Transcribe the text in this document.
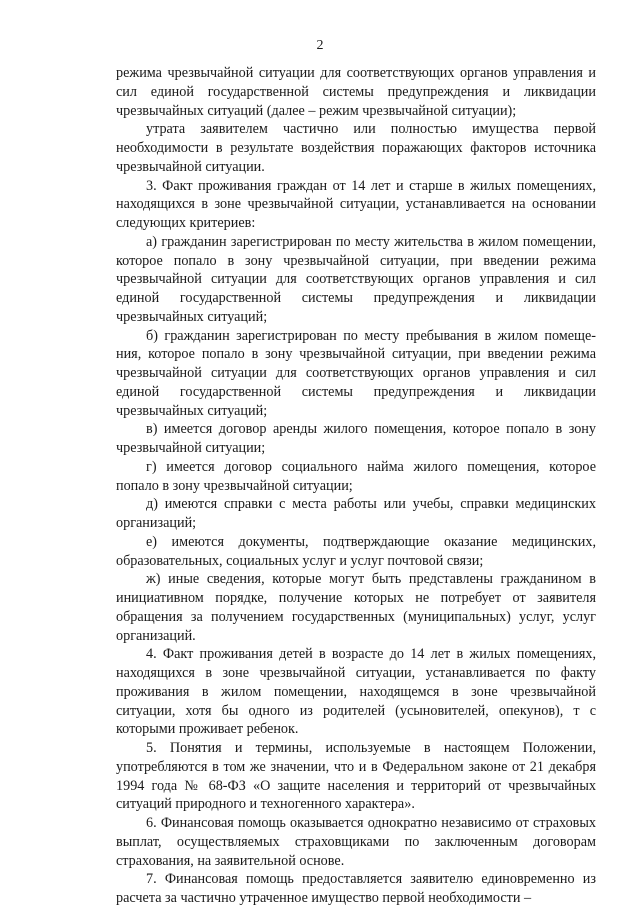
2

режима чрезвычайной ситуации для соответствующих органов управления и сил единой государственной системы предупреждения и ликвидации чрезвычайных ситуаций (далее – режим чрезвычайной ситуации);

утрата заявителем частично или полностью имущества первой необходимости в результате воздействия поражающих факторов источника чрезвычайной ситуации.

3. Факт проживания граждан от 14 лет и старше в жилых помещениях, находящихся в зоне чрезвычайной ситуации, устанавливается на основании следующих критериев:

а) гражданин зарегистрирован по месту жительства в жилом помещении, которое попало в зону чрезвычайной ситуации, при введении режима чрезвычайной ситуации для соответствующих органов управления и сил единой государственной системы предупреждения и ликвидации чрезвычайных ситуаций;

б) гражданин зарегистрирован по месту пребывания в жилом помеще-ния, которое попало в зону чрезвычайной ситуации, при введении режима чрезвычайной ситуации для соответствующих органов управления и сил единой государственной системы предупреждения и ликвидации чрезвычайных ситуаций;

в) имеется договор аренды жилого помещения, которое попало в зону чрезвычайной ситуации;

г) имеется договор социального найма жилого помещения, которое попало в зону чрезвычайной ситуации;

д) имеются справки с места работы или учебы, справки медицинских организаций;

е) имеются документы, подтверждающие оказание медицинских, образовательных, социальных услуг и услуг почтовой связи;

ж) иные сведения, которые могут быть представлены гражданином в инициативном порядке, получение которых не потребует от заявителя обращения за получением государственных (муниципальных) услуг, услуг организаций.

4. Факт проживания детей в возрасте до 14 лет в жилых помещениях, находящихся в зоне чрезвычайной ситуации, устанавливается по факту проживания в жилом помещении, находящемся в зоне чрезвычайной ситуации, хотя бы одного из родителей (усыновителей, опекунов), т с которыми проживает ребенок.

5. Понятия и термины, используемые в настоящем Положении, употребляются в том же значении, что и в Федеральном законе от 21 декабря 1994 года № 68-ФЗ «О защите населения и территорий от чрезвычайных ситуаций природного и техногенного характера».

6. Финансовая помощь оказывается однократно независимо от страховых выплат, осуществляемых страховщиками по заключенным договорам страхования, на заявительной основе.

7. Финансовая помощь предоставляется заявителю единовременно из расчета за частично утраченное имущество первой необходимости –
